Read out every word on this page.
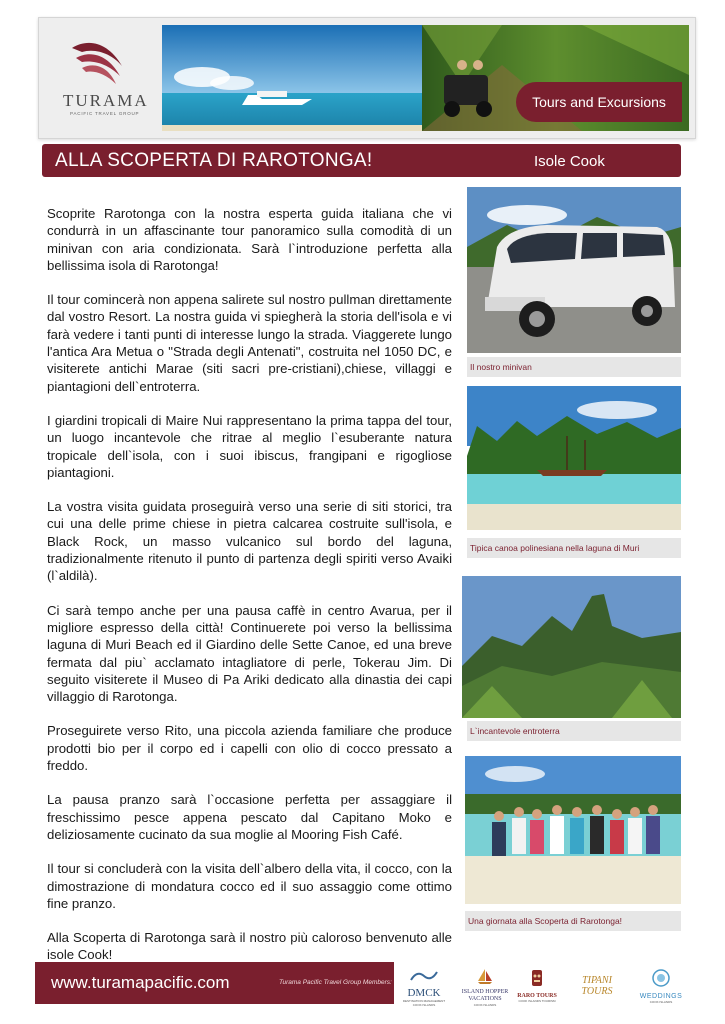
TURAMA
PACIFIC TRAVEL GROUP
Tours and Excursions
ALLA SCOPERTA DI RAROTONGA!	Isole Cook

Scoprite Rarotonga con la nostra esperta guida italiana che vi condurrà in un affascinante tour panoramico sulla comodità di un minivan con aria condizionata. Sarà l`introduzione perfetta alla bellissima isola di Rarotonga!

Il tour comincerà non appena salirete sul nostro pullman direttamente dal vostro Resort. La nostra guida vi spiegherà la storia dell'isola e vi farà vedere i tanti punti di interesse lungo la strada. Viaggerete lungo l'antica Ara Metua o "Strada degli Antenati", costruita nel 1050 DC, e visiterete antichi Marae (siti sacri pre-cristiani),chiese, villaggi e piantagioni dell`entroterra.

I giardini tropicali di Maire Nui rappresentano la prima tappa del tour, un luogo incantevole che ritrae al meglio l`esuberante natura tropicale dell`isola, con i suoi ibiscus, frangipani e rigogliose piantagioni.

La vostra visita guidata proseguirà verso una serie di siti storici, tra cui una delle prime chiese in pietra calcarea costruite sull'isola, e Black Rock, un masso vulcanico sul bordo del laguna, tradizionalmente ritenuto il punto di partenza degli spiriti verso Avaiki (l`aldilà).

Ci sarà tempo anche per una pausa caffè in centro Avarua, per il migliore espresso della città! Continuerete poi verso la bellissima laguna di Muri Beach ed il Giardino delle Sette Canoe, ed una breve fermata dal piu` acclamato intagliatore di perle, Tokerau Jim. Di seguito visiterete il Museo di Pa Ariki dedicato alla dinastia dei capi villaggio di Rarotonga.

Proseguirete verso Rito, una piccola azienda familiare che produce prodotti bio per il corpo ed i capelli con olio di cocco pressato a freddo.

La pausa pranzo sarà l`occasione perfetta per assaggiare il freschissimo pesce appena pescato dal Capitano Moko e deliziosamente cucinato da sua moglie al Mooring Fish Café.

Il tour si concluderà con la visita dell`albero della vita, il cocco, con la dimostrazione di mondatura cocco ed il suo assaggio come ottimo fine pranzo.

Alla Scoperta di Rarotonga sarà il nostro più caloroso benvenuto alle isole Cook!

Il nostro minivan
Tipica canoa polinesiana nella laguna di Muri
L`incantevole entroterra
Una giornata alla Scoperta di Rarotonga!
www.turamapacific.com	Turama Pacific Travel Group Members:
DMCK
DESTINATION MANAGEMENT COOK ISLANDS
ISLAND HOPPER VACATIONS
COOK ISLANDS
RARO TOURS
COOK ISLANDS TOURISM
TIPANI TOURS	WEDDINGS
COOK ISLANDS
